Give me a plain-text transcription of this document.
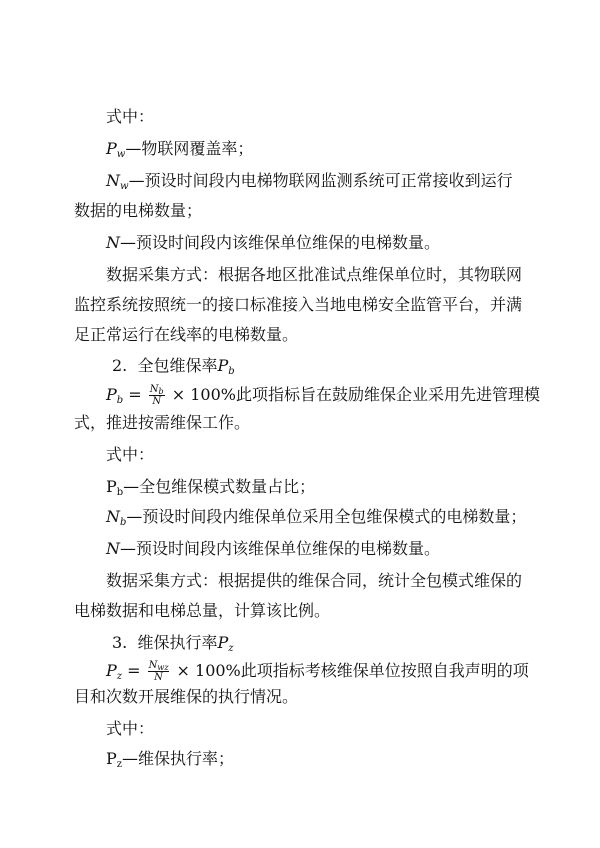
式中：
$P_w—$物联网覆盖率；
$N_w—$预设时间段内电梯物联网监测系统可正常接收到运行
数据的电梯数量；
N—预设时间段内该维保单位维保的电梯数量。
数据采集方式：根据各地区批准试点维保单位时，其物联网
监控系统按照统一的接口标准接入当地电梯安全监管平台，并满
足正常运行在线率的电梯数量。
2. 全包维保率$P_b$
$P_b = \frac{N_b}{N} \times 100\%$此项指标旨在鼓励维保企业采用先进管理模
式，推进按需维保工作。
式中：
$P_b—$全包维保模式数量占比；
$N_b—$预设时间段内维保单位采用全包维保模式的电梯数量；
N—预设时间段内该维保单位维保的电梯数量。
数据采集方式：根据提供的维保合同，统计全包模式维保的
电梯数据和电梯总量，计算该比例。
3. 维保执行率$P_z$
$P_z = \frac{N_{wz}}{N} \times 100\%$此项指标考核维保单位按照自我声明的项
目和次数开展维保的执行情况。
式中：
$P_z—$维保执行率；
